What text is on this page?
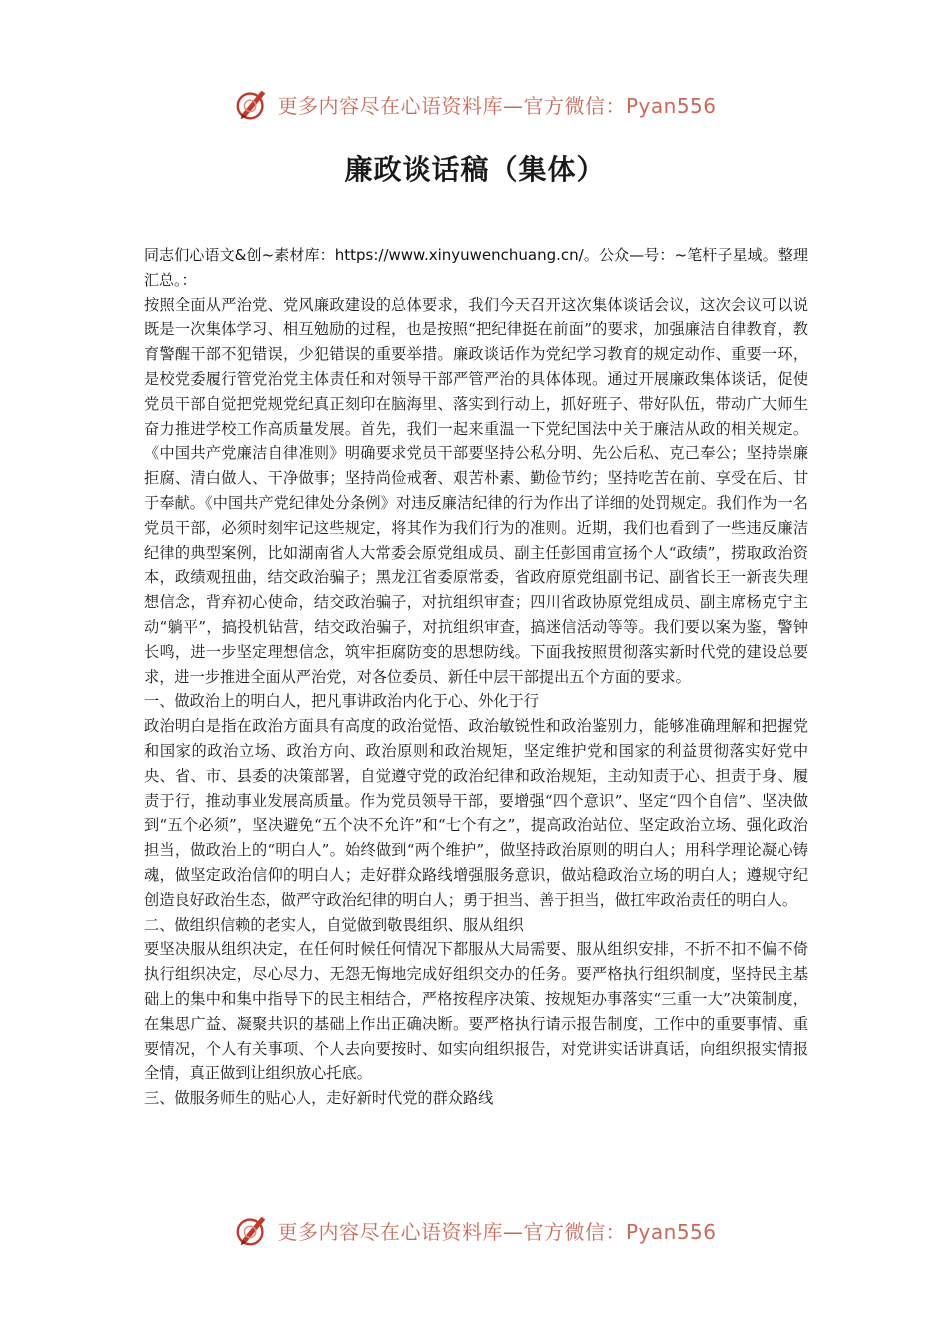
更多内容尽在心语资料库—官方微信：Pyan556
廉政谈话稿（集体）

同志们心语文&创~素材库：https://www.xinyuwenchuang.cn/。公众—号：~笔杆子星域。整理汇总。：

按照全面从严治党、党风廉政建设的总体要求，我们今天召开这次集体谈话会议，这次会议可以说既是一次集体学习、相互勉励的过程，也是按照“把纪律挺在前面”的要求，加强廉洁自律教育，教育警醒干部不犯错误，少犯错误的重要举措。廉政谈话作为党纪学习教育的规定动作、重要一环，是校党委履行管党治党主体责任和对领导干部严管严治的具体体现。通过开展廉政集体谈话，促使党员干部自觉把党规党纪真正刻印在脑海里、落实到行动上，抓好班子、带好队伍，带动广大师生奋力推进学校工作高质量发展。首先，我们一起来重温一下党纪国法中关于廉洁从政的相关规定。《中国共产党廉洁自律准则》明确要求党员干部要坚持公私分明、先公后私、克己奉公；坚持崇廉拒腐、清白做人、干净做事；坚持尚俭戒奢、艰苦朴素、勤俭节约；坚持吃苦在前、享受在后、甘于奉献。《中国共产党纪律处分条例》对违反廉洁纪律的行为作出了详细的处罚规定。我们作为一名党员干部，必须时刻牢记这些规定，将其作为我们行为的准则。近期，我们也看到了一些违反廉洁纪律的典型案例，比如湖南省人大常委会原党组成员、副主任彭国甫宣扬个人“政绩”，捞取政治资本，政绩观扭曲，结交政治骗子；黑龙江省委原常委，省政府原党组副书记、副省长王一新丧失理想信念，背弃初心使命，结交政治骗子，对抗组织审查；四川省政协原党组成员、副主席杨克宁主动“躺平”，搞投机钻营，结交政治骗子，对抗组织审查，搞迷信活动等等。我们要以案为鉴，警钟长鸣，进一步坚定理想信念，筑牢拒腐防变的思想防线。下面我按照贯彻落实新时代党的建设总要求，进一步推进全面从严治党，对各位委员、新任中层干部提出五个方面的要求。

一、做政治上的明白人，把凡事讲政治内化于心、外化于行

政治明白是指在政治方面具有高度的政治觉悟、政治敏锐性和政治鉴别力，能够准确理解和把握党和国家的政治立场、政治方向、政治原则和政治规矩，坚定维护党和国家的利益贯彻落实好党中央、省、市、县委的决策部署，自觉遵守党的政治纪律和政治规矩，主动知责于心、担责于身、履责于行，推动事业发展高质量。作为党员领导干部，要增强“四个意识”、坚定“四个自信”、坚决做到“五个必须”，坚决避免“五个决不允许”和“七个有之”，提高政治站位、坚定政治立场、强化政治担当，做政治上的“明白人”。始终做到“两个维护”，做坚持政治原则的明白人；用科学理论凝心铸魂，做坚定政治信仰的明白人；走好群众路线增强服务意识，做站稳政治立场的明白人；遵规守纪创造良好政治生态，做严守政治纪律的明白人；勇于担当、善于担当，做扛牢政治责任的明白人。

二、做组织信赖的老实人，自觉做到敬畏组织、服从组织

要坚决服从组织决定，在任何时候任何情况下都服从大局需要、服从组织安排，不折不扣不偏不倚执行组织决定，尽心尽力、无怨无悔地完成好组织交办的任务。要严格执行组织制度，坚持民主基础上的集中和集中指导下的民主相结合，严格按程序决策、按规矩办事落实“三重一大”决策制度，在集思广益、凝聚共识的基础上作出正确决断。要严格执行请示报告制度，工作中的重要事情、重要情况，个人有关事项、个人去向要按时、如实向组织报告，对党讲实话讲真话，向组织报实情报全情，真正做到让组织放心托底。

三、做服务师生的贴心人，走好新时代党的群众路线

更多内容尽在心语资料库—官方微信：Pyan556
